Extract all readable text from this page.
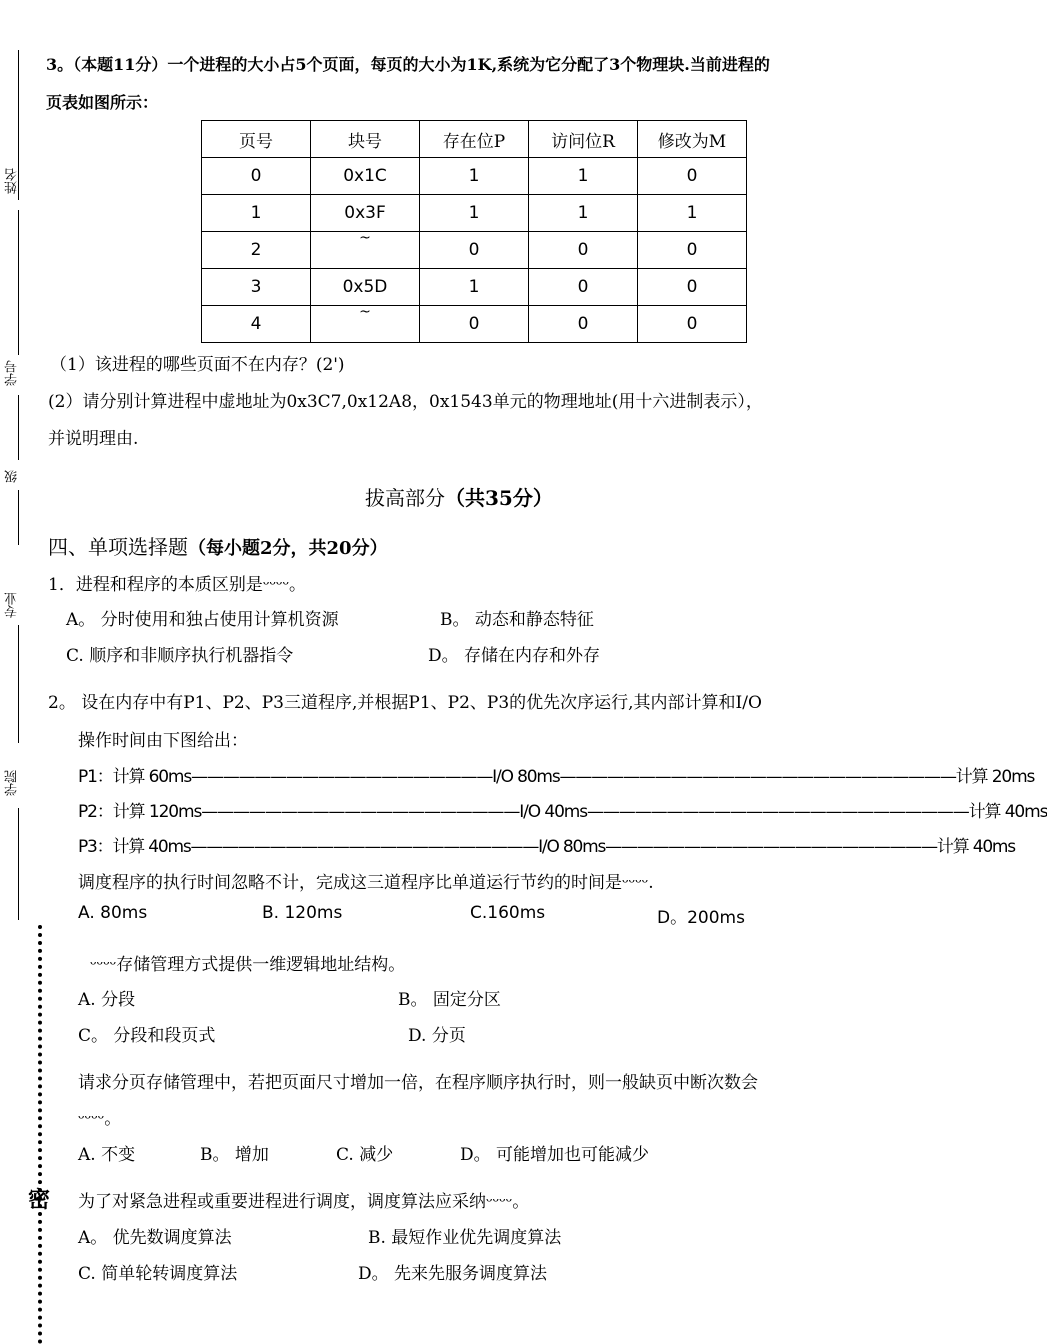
姓名
学号
级
专业
学院
密
3。（本题11分）一个进程的大小占5个页面，每页的大小为1K,系统为它分配了3个物理块.当前进程的
页表如图所示：
页号	块号	存在位P	访问位R	修改为M
0	0x1C	1	1	0
1	0x3F	1	1	1
2	~	0	0	0
3	0x5D	1	0	0
4	~	0	0	0
（1）该进程的哪些页面不在内存？(2')
(2）请分别计算进程中虚地址为0x3C7,0x12A8，0x1543单元的物理地址(用十六进制表示），
并说明理由.
拔高部分（共35分）
四、单项选择题（每小题2分，共20分）
1．进程和程序的本质区别是ᵕᵕᵕᵕ。
A。 分时使用和独占使用计算机资源	B。 动态和静态特征
C. 顺序和非顺序执行机器指令	D。 存储在内存和外存
2。 设在内存中有P1、P2、P3三道程序,并根据P1、P2、P3的优先次序运行,其内部计算和I/O
操作时间由下图给出：
P1：计算 60ms———————————————————I/O 80ms—————————————————————————计算 20ms
P2：计算 120ms————————————————————I/O 40ms————————————————————————计算 40ms
P3：计算 40ms——————————————————————I/O 80ms—————————————————————计算 40ms
调度程序的执行时间忽略不计，完成这三道程序比单道运行节约的时间是ᵕᵕᵕᵕ.
A. 80ms	B. 120ms	C.160ms	D。200ms
ᵕᵕᵕᵕ存储管理方式提供一维逻辑地址结构。
A. 分段	B。 固定分区
C。 分段和段页式	D. 分页
请求分页存储管理中，若把页面尺寸增加一倍，在程序顺序执行时，则一般缺页中断次数会
ᵕᵕᵕᵕ。
A. 不变	B。 增加	C. 减少	D。 可能增加也可能减少
为了对紧急进程或重要进程进行调度，调度算法应采纳ᵕᵕᵕᵕ。
A。 优先数调度算法	B. 最短作业优先调度算法
C. 简单轮转调度算法	D。 先来先服务调度算法
